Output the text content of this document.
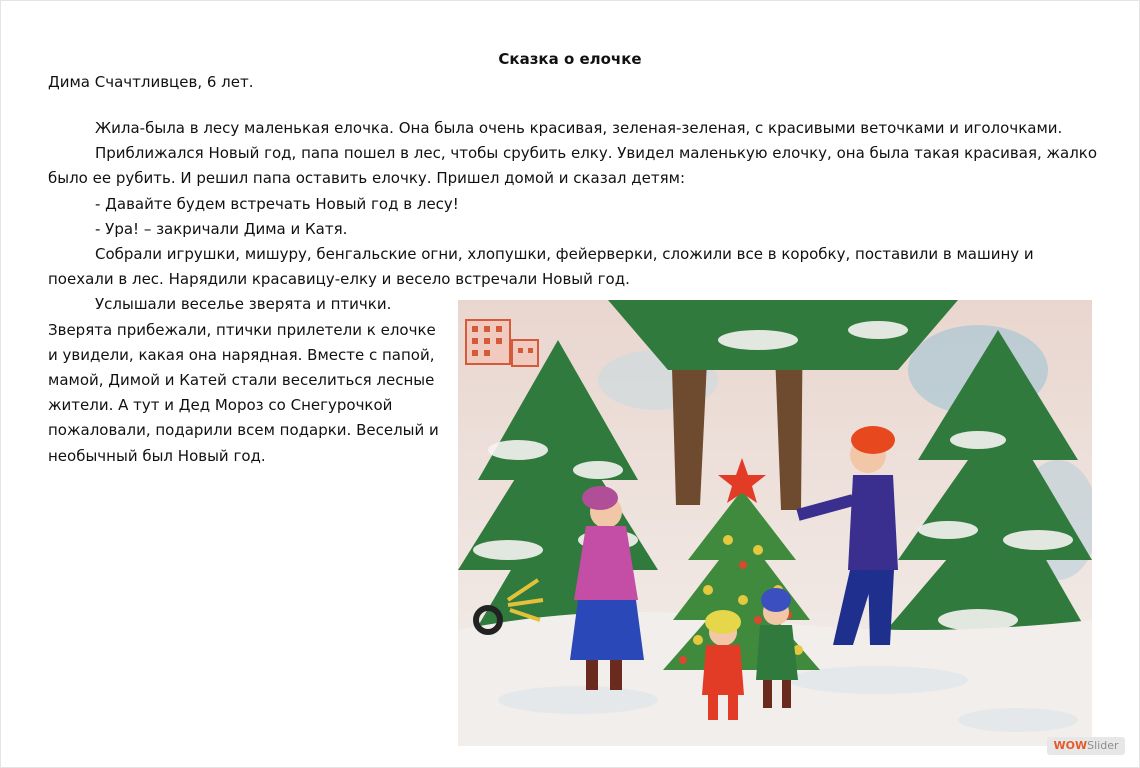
Сказка о елочке
Дима Счачтливцев, 6 лет.

Жила-была в лесу маленькая елочка. Она была очень красивая, зеленая-зеленая, с красивыми веточками и иголочками.

Приближался Новый год, папа пошел в лес, чтобы срубить елку. Увидел маленькую елочку, она была такая красивая, жалко было ее рубить. И решил папа оставить елочку. Пришел домой и сказал детям:

- Давайте будем встречать Новый год в лесу!

- Ура! – закричали Дима и Катя.

Собрали игрушки, мишуру, бенгальские огни, хлопушки, фейерверки, сложили все в коробку, поставили в машину и поехали в лес. Нарядили красавицу-елку и весело встречали Новый год.

Услышали веселье зверята и птички. Зверята прибежали, птички прилетели к елочке и увидели, какая она нарядная. Вместе с папой, мамой, Димой и Катей стали веселиться лесные жители. А тут и Дед Мороз со Снегурочкой пожаловали, подарили всем подарки. Веселый и необычный был Новый год.

WOWSlider
